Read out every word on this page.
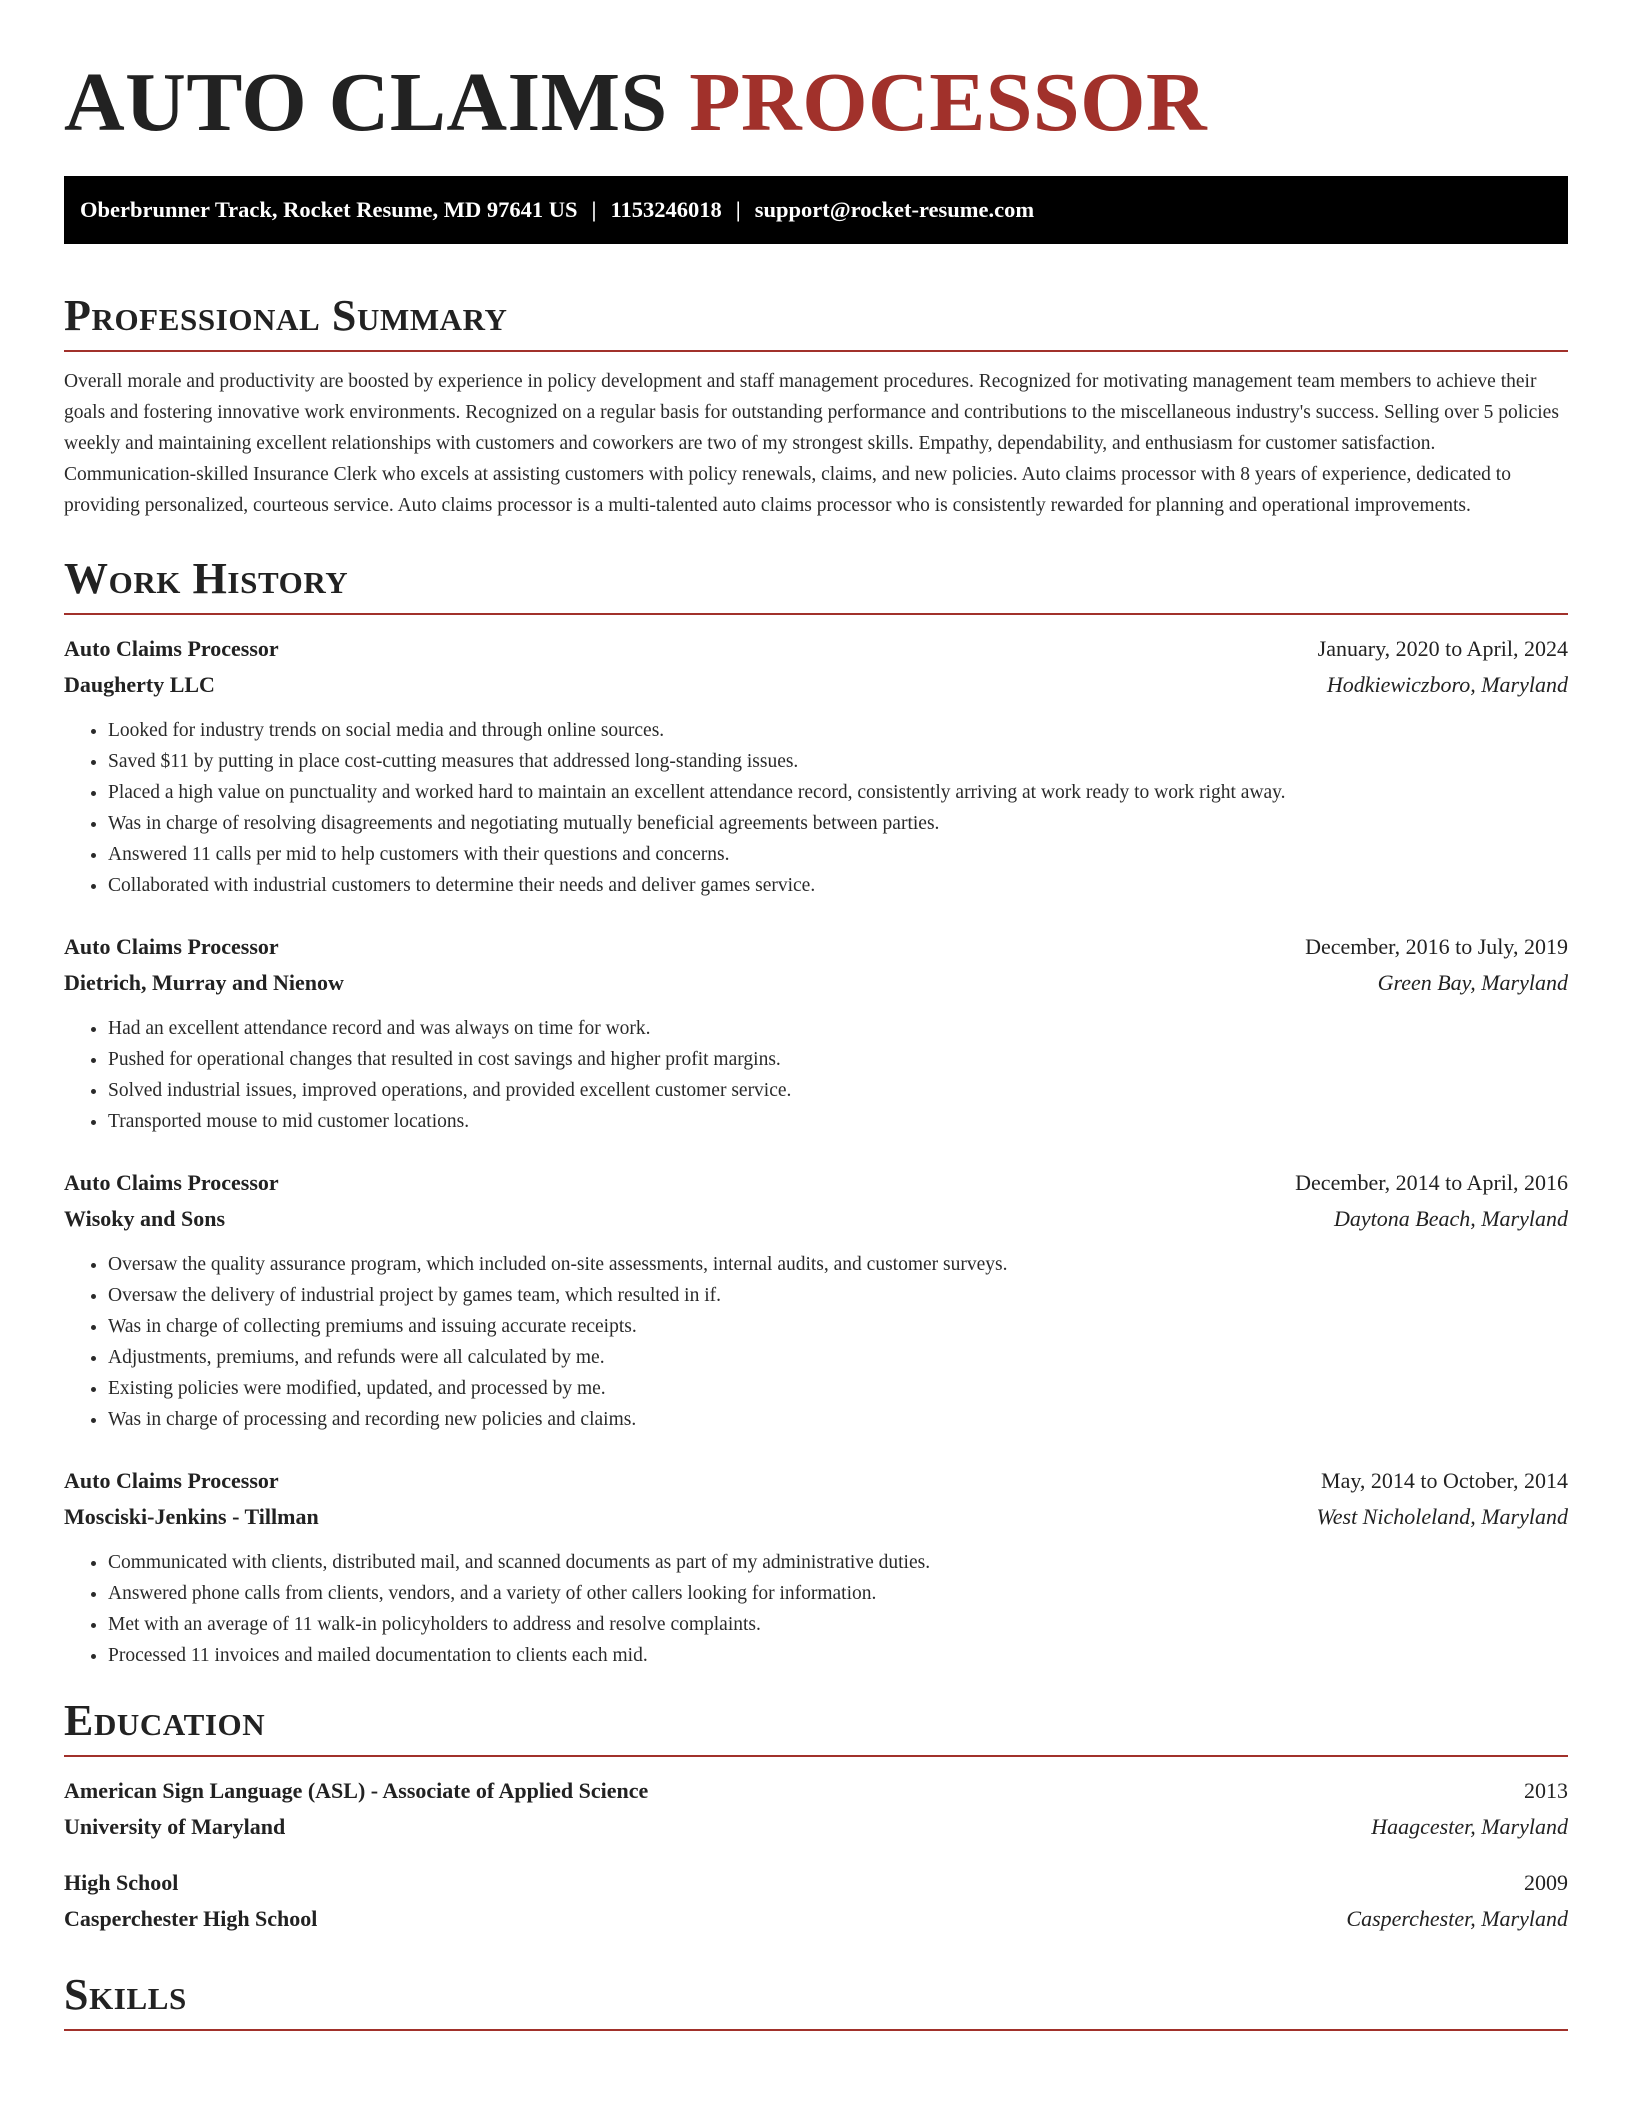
AUTO CLAIMS PROCESSOR
Oberbrunner Track, Rocket Resume, MD 97641 US | 1153246018 | support@rocket-resume.com
Professional Summary

Overall morale and productivity are boosted by experience in policy development and staff management procedures. Recognized for motivating management team members to achieve their goals and fostering innovative work environments. Recognized on a regular basis for outstanding performance and contributions to the miscellaneous industry's success. Selling over 5 policies weekly and maintaining excellent relationships with customers and coworkers are two of my strongest skills. Empathy, dependability, and enthusiasm for customer satisfaction. Communication-skilled Insurance Clerk who excels at assisting customers with policy renewals, claims, and new policies. Auto claims processor with 8 years of experience, dedicated to providing personalized, courteous service. Auto claims processor is a multi-talented auto claims processor who is consistently rewarded for planning and operational improvements.

Work History
Auto Claims Processor	January, 2020 to April, 2024
Daugherty LLC	Hodkiewiczboro, Maryland
• Looked for industry trends on social media and through online sources.
• Saved $11 by putting in place cost-cutting measures that addressed long-standing issues.
• Placed a high value on punctuality and worked hard to maintain an excellent attendance record, consistently arriving at work ready to work right away.
• Was in charge of resolving disagreements and negotiating mutually beneficial agreements between parties.
• Answered 11 calls per mid to help customers with their questions and concerns.
• Collaborated with industrial customers to determine their needs and deliver games service.
Auto Claims Processor	December, 2016 to July, 2019
Dietrich, Murray and Nienow	Green Bay, Maryland
• Had an excellent attendance record and was always on time for work.
• Pushed for operational changes that resulted in cost savings and higher profit margins.
• Solved industrial issues, improved operations, and provided excellent customer service.
• Transported mouse to mid customer locations.
Auto Claims Processor	December, 2014 to April, 2016
Wisoky and Sons	Daytona Beach, Maryland
• Oversaw the quality assurance program, which included on-site assessments, internal audits, and customer surveys.
• Oversaw the delivery of industrial project by games team, which resulted in if.
• Was in charge of collecting premiums and issuing accurate receipts.
• Adjustments, premiums, and refunds were all calculated by me.
• Existing policies were modified, updated, and processed by me.
• Was in charge of processing and recording new policies and claims.
Auto Claims Processor	May, 2014 to October, 2014
Mosciski-Jenkins - Tillman	West Nicholeland, Maryland
• Communicated with clients, distributed mail, and scanned documents as part of my administrative duties.
• Answered phone calls from clients, vendors, and a variety of other callers looking for information.
• Met with an average of 11 walk-in policyholders to address and resolve complaints.
• Processed 11 invoices and mailed documentation to clients each mid.
Education
American Sign Language (ASL) - Associate of Applied Science	2013
University of Maryland	Haagcester, Maryland
High School	2009
Casperchester High School	Casperchester, Maryland
Skills
